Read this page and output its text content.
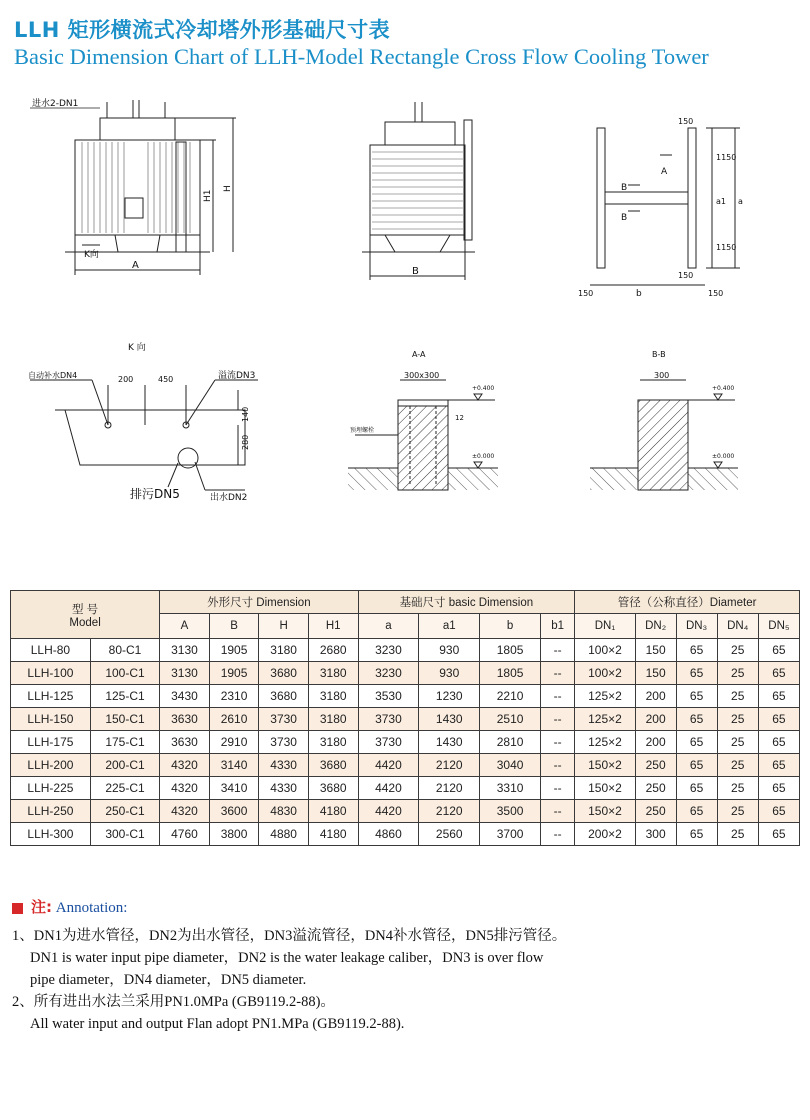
LLH 矩形横流式冷却塔外形基础尺寸表
Basic Dimension Chart of LLH-Model Rectangle Cross Flow Cooling Tower
进水2-DN1
H1
H
K向
A
B
150
1150
a1 a
1150
150
150	b	150
B
B
A
K 向
自动补水DN4	200	450	溢流DN3
140
280
排污DN5	出水DN2
A-A
300x300
+0.400
12
预埋螺栓
±0.000
B-B
300
+0.400
±0.000
型 号
Model		外形尺寸 Dimension				基础尺寸 basic Dimension				管径（公称直径）Diameter				
		A	B	H	H1	a	a1	b	b1	DN₁	DN₂	DN₃	DN₄	DN₅
LLH-80	80-C1	3130	1905	3180	2680	3230	930	1805	--	100×2	150	65	25	65
LLH-100	100-C1	3130	1905	3680	3180	3230	930	1805	--	100×2	150	65	25	65
LLH-125	125-C1	3430	2310	3680	3180	3530	1230	2210	--	125×2	200	65	25	65
LLH-150	150-C1	3630	2610	3730	3180	3730	1430	2510	--	125×2	200	65	25	65
LLH-175	175-C1	3630	2910	3730	3180	3730	1430	2810	--	125×2	200	65	25	65
LLH-200	200-C1	4320	3140	4330	3680	4420	2120	3040	--	150×2	250	65	25	65
LLH-225	225-C1	4320	3410	4330	3680	4420	2120	3310	--	150×2	250	65	25	65
LLH-250	250-C1	4320	3600	4830	4180	4420	2120	3500	--	150×2	250	65	25	65
LLH-300	300-C1	4760	3800	4880	4180	4860	2560	3700	--	200×2	300	65	25	65
注: Annotation:

1、DN1为进水管径，DN2为出水管径，DN3溢流管径，DN4补水管径，DN5排污管径。

DN1 is water input pipe diameter，DN2 is the water leakage caliber，DN3 is over flow

pipe diameter，DN4 diameter，DN5 diameter.

2、所有进出水法兰采用PN1.0MPa (GB9119.2-88)。

All water input and output Flan adopt PN1.MPa (GB9119.2-88).
